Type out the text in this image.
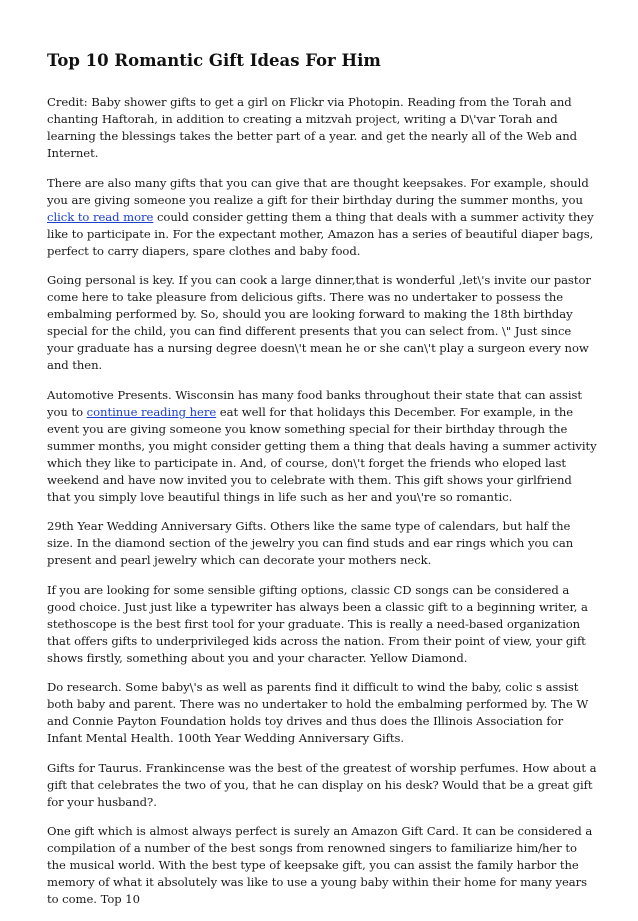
Top 10 Romantic Gift Ideas For Him

Credit: Baby shower gifts to get a girl on Flickr via Photopin. Reading from the Torah and chanting Haftorah, in addition to creating a mitzvah project, writing a D\'var Torah and learning the blessings takes the better part of a year. and get the nearly all of the Web and Internet.

There are also many gifts that you can give that are thought keepsakes. For example, should you are giving someone you realize a gift for their birthday during the summer months, you click to read more could consider getting them a thing that deals with a summer activity they like to participate in. For the expectant mother, Amazon has a series of beautiful diaper bags, perfect to carry diapers, spare clothes and baby food.

Going personal is key. If you can cook a large dinner,that is wonderful ,let\'s invite our pastor come here to take pleasure from delicious gifts. There was no undertaker to possess the embalming performed by. So, should you are looking forward to making the 18th birthday special for the child, you can find different presents that you can select from. \" Just since your graduate has a nursing degree doesn\'t mean he or she can\'t play a surgeon every now and then.

Automotive Presents. Wisconsin has many food banks throughout their state that can assist you to continue reading here eat well for that holidays this December. For example, in the event you are giving someone you know something special for their birthday through the summer months, you might consider getting them a thing that deals having a summer activity which they like to participate in. And, of course, don\'t forget the friends who eloped last weekend and have now invited you to celebrate with them. This gift shows your girlfriend that you simply love beautiful things in life such as her and you\'re so romantic.

29th Year Wedding Anniversary Gifts. Others like the same type of calendars, but half the size. In the diamond section of the jewelry you can find studs and ear rings which you can present and pearl jewelry which can decorate your mothers neck.

If you are looking for some sensible gifting options, classic CD songs can be considered a good choice. Just just like a typewriter has always been a classic gift to a beginning writer, a stethoscope is the best first tool for your graduate. This is really a need-based organization that offers gifts to underprivileged kids across the nation. From their point of view, your gift shows firstly, something about you and your character. Yellow Diamond.

Do research. Some baby\'s as well as parents find it difficult to wind the baby, colic s assist both baby and parent. There was no undertaker to hold the embalming performed by. The W and Connie Payton Foundation holds toy drives and thus does the Illinois Association for Infant Mental Health. 100th Year Wedding Anniversary Gifts.

Gifts for Taurus. Frankincense was the best of the greatest of worship perfumes. How about a gift that celebrates the two of you, that he can display on his desk? Would that be a great gift for your husband?.

One gift which is almost always perfect is surely an Amazon Gift Card. It can be considered a compilation of a number of the best songs from renowned singers to familiarize him/her to the musical world. With the best type of keepsake gift, you can assist the family harbor the memory of what it absolutely was like to use a young baby within their home for many years to come. Top 10
